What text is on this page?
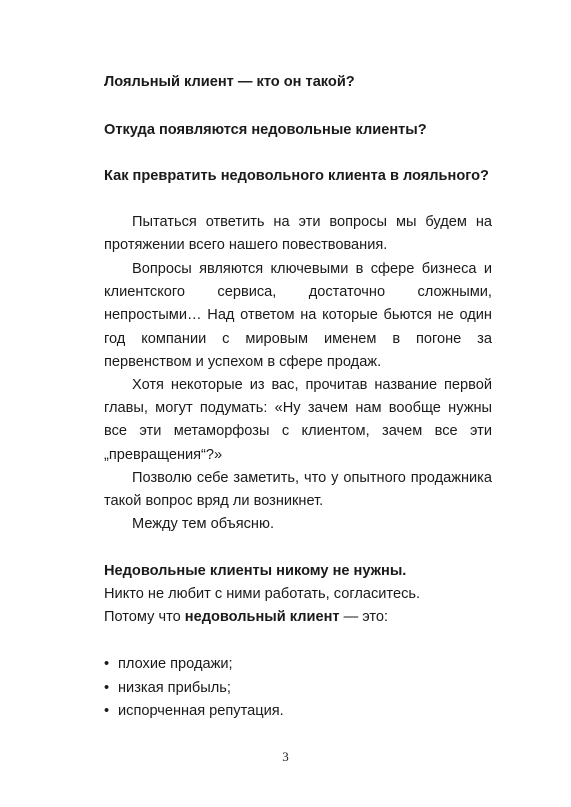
Лояльный клиент — кто он такой?
Откуда появляются недовольные клиенты?
Как превратить недовольного клиента в лояльного?
Пытаться ответить на эти вопросы мы будем на протяжении всего нашего повествования.
Вопросы являются ключевыми в сфере бизнеса и клиентского сервиса, достаточно сложными, непростыми… Над ответом на которые бьются не один год компании с мировым именем в погоне за первенством и успехом в сфере продаж.
Хотя некоторые из вас, прочитав название первой главы, могут подумать: «Ну зачем нам вообще нужны все эти метаморфозы с клиентом, зачем все эти „превращения“?»
Позволю себе заметить, что у опытного продажника такой вопрос вряд ли возникнет.
Между тем объясню.
Недовольные клиенты никому не нужны.
Никто не любит с ними работать, согласитесь.
Потому что недовольный клиент — это:
• плохие продажи;
• низкая прибыль;
• испорченная репутация.
3
